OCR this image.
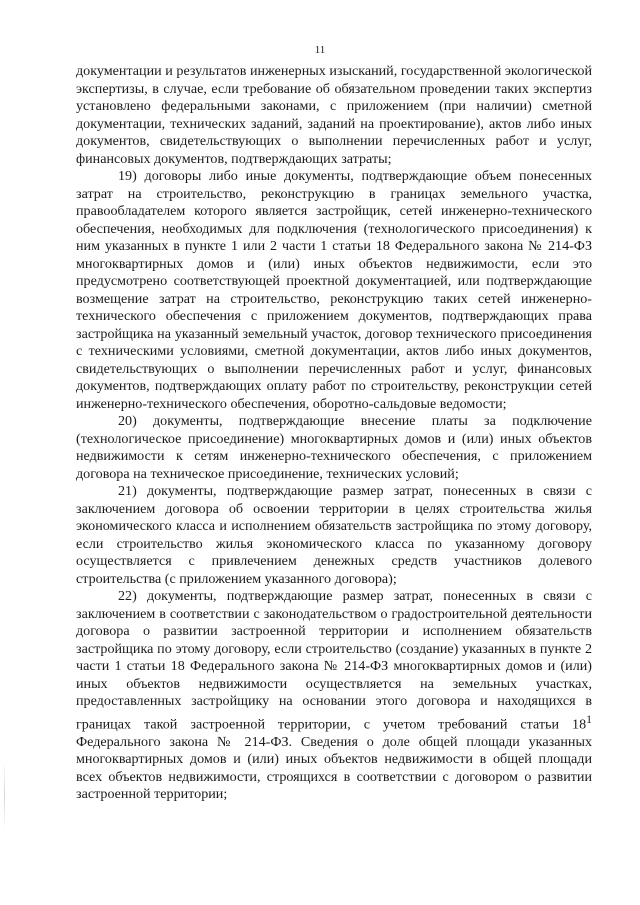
11

документации и результатов инженерных изысканий, государственной экологической экспертизы, в случае, если требование об обязательном проведении таких экспертиз установлено федеральными законами, с приложением (при наличии) сметной документации, технических заданий, заданий на проектирование), актов либо иных документов, свидетельствующих о выполнении перечисленных работ и услуг, финансовых документов, подтверждающих затраты;

19) договоры либо иные документы, подтверждающие объем понесенных затрат на строительство, реконструкцию в границах земельного участка, правообладателем которого является застройщик, сетей инженерно-технического обеспечения, необходимых для подключения (технологического присоединения) к ним указанных в пункте 1 или 2 части 1 статьи 18 Федерального закона № 214-ФЗ многоквартирных домов и (или) иных объектов недвижимости, если это предусмотрено соответствующей проектной документацией, или подтверждающие возмещение затрат на строительство, реконструкцию таких сетей инженерно-технического обеспечения с приложением документов, подтверждающих права застройщика на указанный земельный участок, договор технического присоединения с техническими условиями, сметной документации, актов либо иных документов, свидетельствующих о выполнении перечисленных работ и услуг, финансовых документов, подтверждающих оплату работ по строительству, реконструкции сетей инженерно-технического обеспечения, оборотно-сальдовые ведомости;

20) документы, подтверждающие внесение платы за подключение (технологическое присоединение) многоквартирных домов и (или) иных объектов недвижимости к сетям инженерно-технического обеспечения, с приложением договора на техническое присоединение, технических условий;

21) документы, подтверждающие размер затрат, понесенных в связи с заключением договора об освоении территории в целях строительства жилья экономического класса и исполнением обязательств застройщика по этому договору, если строительство жилья экономического класса по указанному договору осуществляется с привлечением денежных средств участников долевого строительства (с приложением указанного договора);

22) документы, подтверждающие размер затрат, понесенных в связи с заключением в соответствии с законодательством о градостроительной деятельности договора о развитии застроенной территории и исполнением обязательств застройщика по этому договору, если строительство (создание) указанных в пункте 2 части 1 статьи 18 Федерального закона № 214-ФЗ многоквартирных домов и (или) иных объектов недвижимости осуществляется на земельных участках, предоставленных застройщику на основании этого договора и находящихся в границах такой застроенной территории, с учетом требований статьи $18^1$ Федерального закона № 214-ФЗ. Сведения о доле общей площади указанных многоквартирных домов и (или) иных объектов недвижимости в общей площади всех объектов недвижимости, строящихся в соответствии с договором о развитии застроенной территории;
